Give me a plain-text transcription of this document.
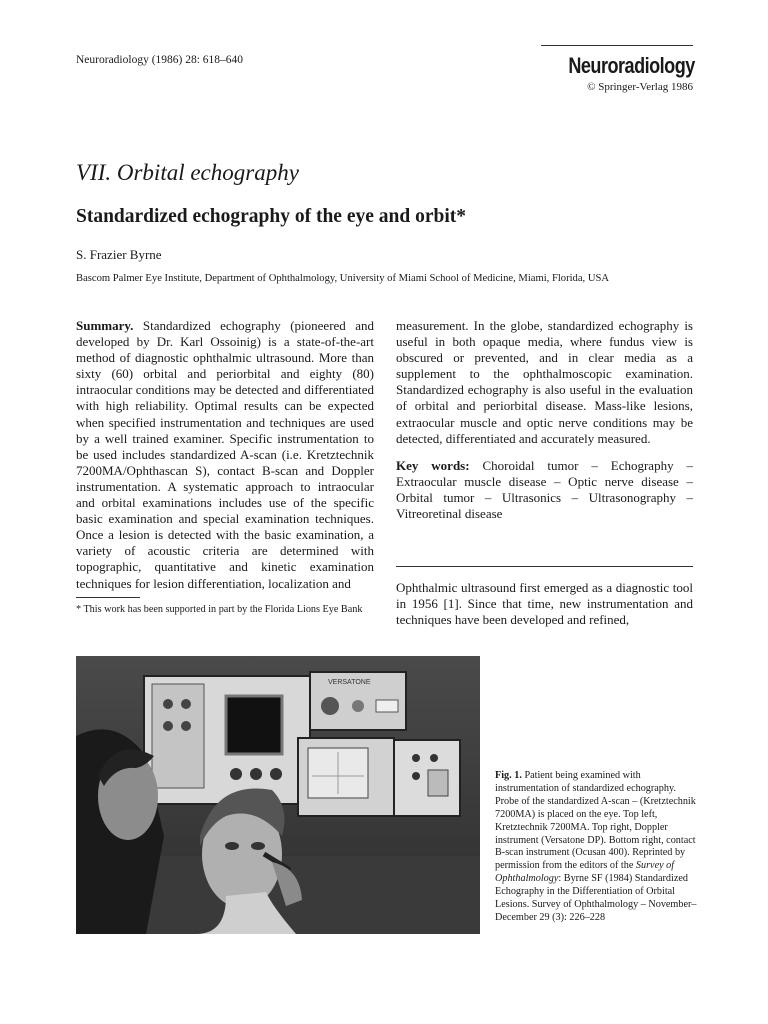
Neuroradiology (1986) 28: 618–640	Neuroradiology
© Springer-Verlag 1986
VII. Orbital echography
Standardized echography of the eye and orbit*
S. Frazier Byrne
Bascom Palmer Eye Institute, Department of Ophthalmology, University of Miami School of Medicine, Miami, Florida, USA

Summary. Standardized echography (pioneered and developed by Dr. Karl Ossoinig) is a state-of-the-art method of diagnostic ophthalmic ultrasound. More than sixty (60) orbital and periorbital and eighty (80) intraocular conditions may be detected and differentiated with high reliability. Optimal results can be expected when specified instrumentation and techniques are used by a well trained examiner. Specific instrumentation to be used includes standardized A-scan (i.e. Kretztechnik 7200MA/Ophthascan S), contact B-scan and Doppler instrumentation. A systematic approach to intraocular and orbital examinations includes use of the specific basic examination and special examination techniques. Once a lesion is detected with the basic examination, a variety of acoustic criteria are determined with topographic, quantitative and kinetic examination techniques for lesion differentiation, localization and

measurement. In the globe, standardized echography is useful in both opaque media, where fundus view is obscured or prevented, and in clear media as a supplement to the ophthalmoscopic examination. Standardized echography is also useful in the evaluation of orbital and periorbital disease. Mass-like lesions, extraocular muscle and optic nerve conditions may be detected, differentiated and accurately measured.

Key words: Choroidal tumor – Echography – Extraocular muscle disease – Optic nerve disease – Orbital tumor – Ultrasonics – Ultrasonography – Vitreoretinal disease

* This work has been supported in part by the Florida Lions Eye Bank
Ophthalmic ultrasound first emerged as a diagnostic tool in 1956 [1]. Since that time, new instrumentation and techniques have been developed and refined,
VERSATONE
Fig. 1. Patient being examined with instrumentation of standardized echography. Probe of the standardized A-scan – (Kretztechnik 7200MA) is placed on the eye. Top left, Kretztechnik 7200MA. Top right, Doppler instrument (Versatone DP). Bottom right, contact B-scan instrument (Ocusan 400). Reprinted by permission from the editors of the Survey of Ophthalmology: Byrne SF (1984) Standardized Echography in the Differentiation of Orbital Lesions. Survey of Ophthalmology – November–December 29 (3): 226–228
